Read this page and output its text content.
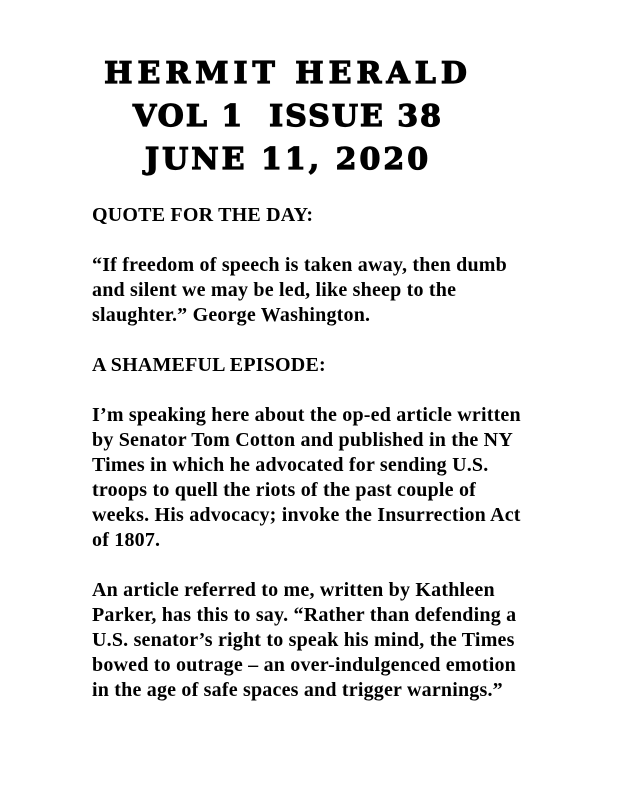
HERMIT HERALD
VOL 1  ISSUE 38
JUNE 11, 2020
QUOTE FOR THE DAY:

“If freedom of speech is taken away, then dumb and silent we may be led, like sheep to the slaughter.” George Washington.

A SHAMEFUL EPISODE:

I’m speaking here about the op-ed article written by Senator Tom Cotton and published in the NY Times in which he advocated for sending U.S. troops to quell the riots of the past couple of weeks. His advocacy; invoke the Insurrection Act of 1807.

An article referred to me, written by Kathleen Parker, has this to say. “Rather than defending a U.S. senator’s right to speak his mind, the Times bowed to outrage – an over-indulgenced emotion in the age of safe spaces and trigger warnings.”
